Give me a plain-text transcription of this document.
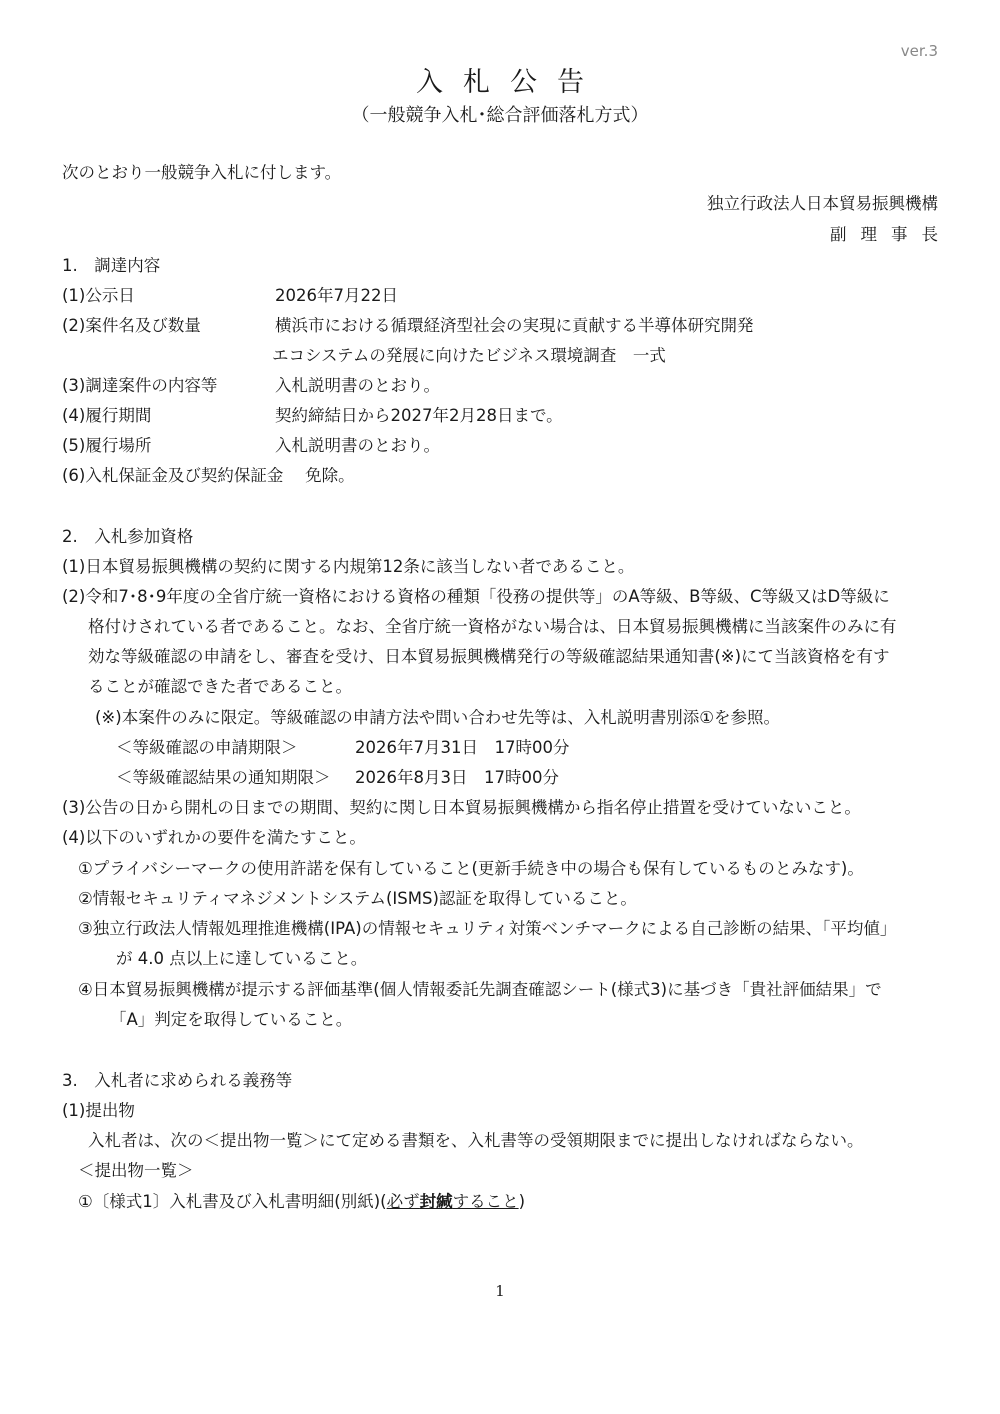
ver.3
入札公告
（一般競争入札･総合評価落札方式）
次のとおり一般競争入札に付します。
独立行政法人日本貿易振興機構
副理事長
1.　調達内容
(1)公示日	2026年7月22日
(2)案件名及び数量	横浜市における循環経済型社会の実現に貢献する半導体研究開発
エコシステムの発展に向けたビジネス環境調査　一式
(3)調達案件の内容等	入札説明書のとおり。
(4)履行期間	契約締結日から2027年2月28日まで。
(5)履行場所	入札説明書のとおり。
(6)入札保証金及び契約保証金　 免除。
2.　入札参加資格
(1)日本貿易振興機構の契約に関する内規第12条に該当しない者であること。
(2)令和7･8･9年度の全省庁統一資格における資格の種類「役務の提供等」のA等級、B等級、C等級又はD等級に
格付けされている者であること。なお、全省庁統一資格がない場合は、日本貿易振興機構に当該案件のみに有
効な等級確認の申請をし、審査を受け、日本貿易振興機構発行の等級確認結果通知書(※)にて当該資格を有す
ることが確認できた者であること。
(※)本案件のみに限定。等級確認の申請方法や問い合わせ先等は、入札説明書別添①を参照。
＜等級確認の申請期限＞	2026年7月31日　17時00分
＜等級確認結果の通知期限＞ 2026年8月3日　17時00分
(3)公告の日から開札の日までの期間、契約に関し日本貿易振興機構から指名停止措置を受けていないこと。
(4)以下のいずれかの要件を満たすこと。
①プライバシーマークの使用許諾を保有していること(更新手続き中の場合も保有しているものとみなす)。
②情報セキュリティマネジメントシステム(ISMS)認証を取得していること。
③独立行政法人情報処理推進機構(IPA)の情報セキュリティ対策ベンチマークによる自己診断の結果、「平均値」
が 4.0 点以上に達していること。
④日本貿易振興機構が提示する評価基準(個人情報委託先調査確認シート(様式3)に基づき「貴社評価結果」で
「A」判定を取得していること。
3.　入札者に求められる義務等
(1)提出物
入札者は、次の＜提出物一覧＞にて定める書類を、入札書等の受領期限までに提出しなければならない。
＜提出物一覧＞
①〔様式1〕入札書及び入札書明細(別紙)(必ず封緘すること)
1
